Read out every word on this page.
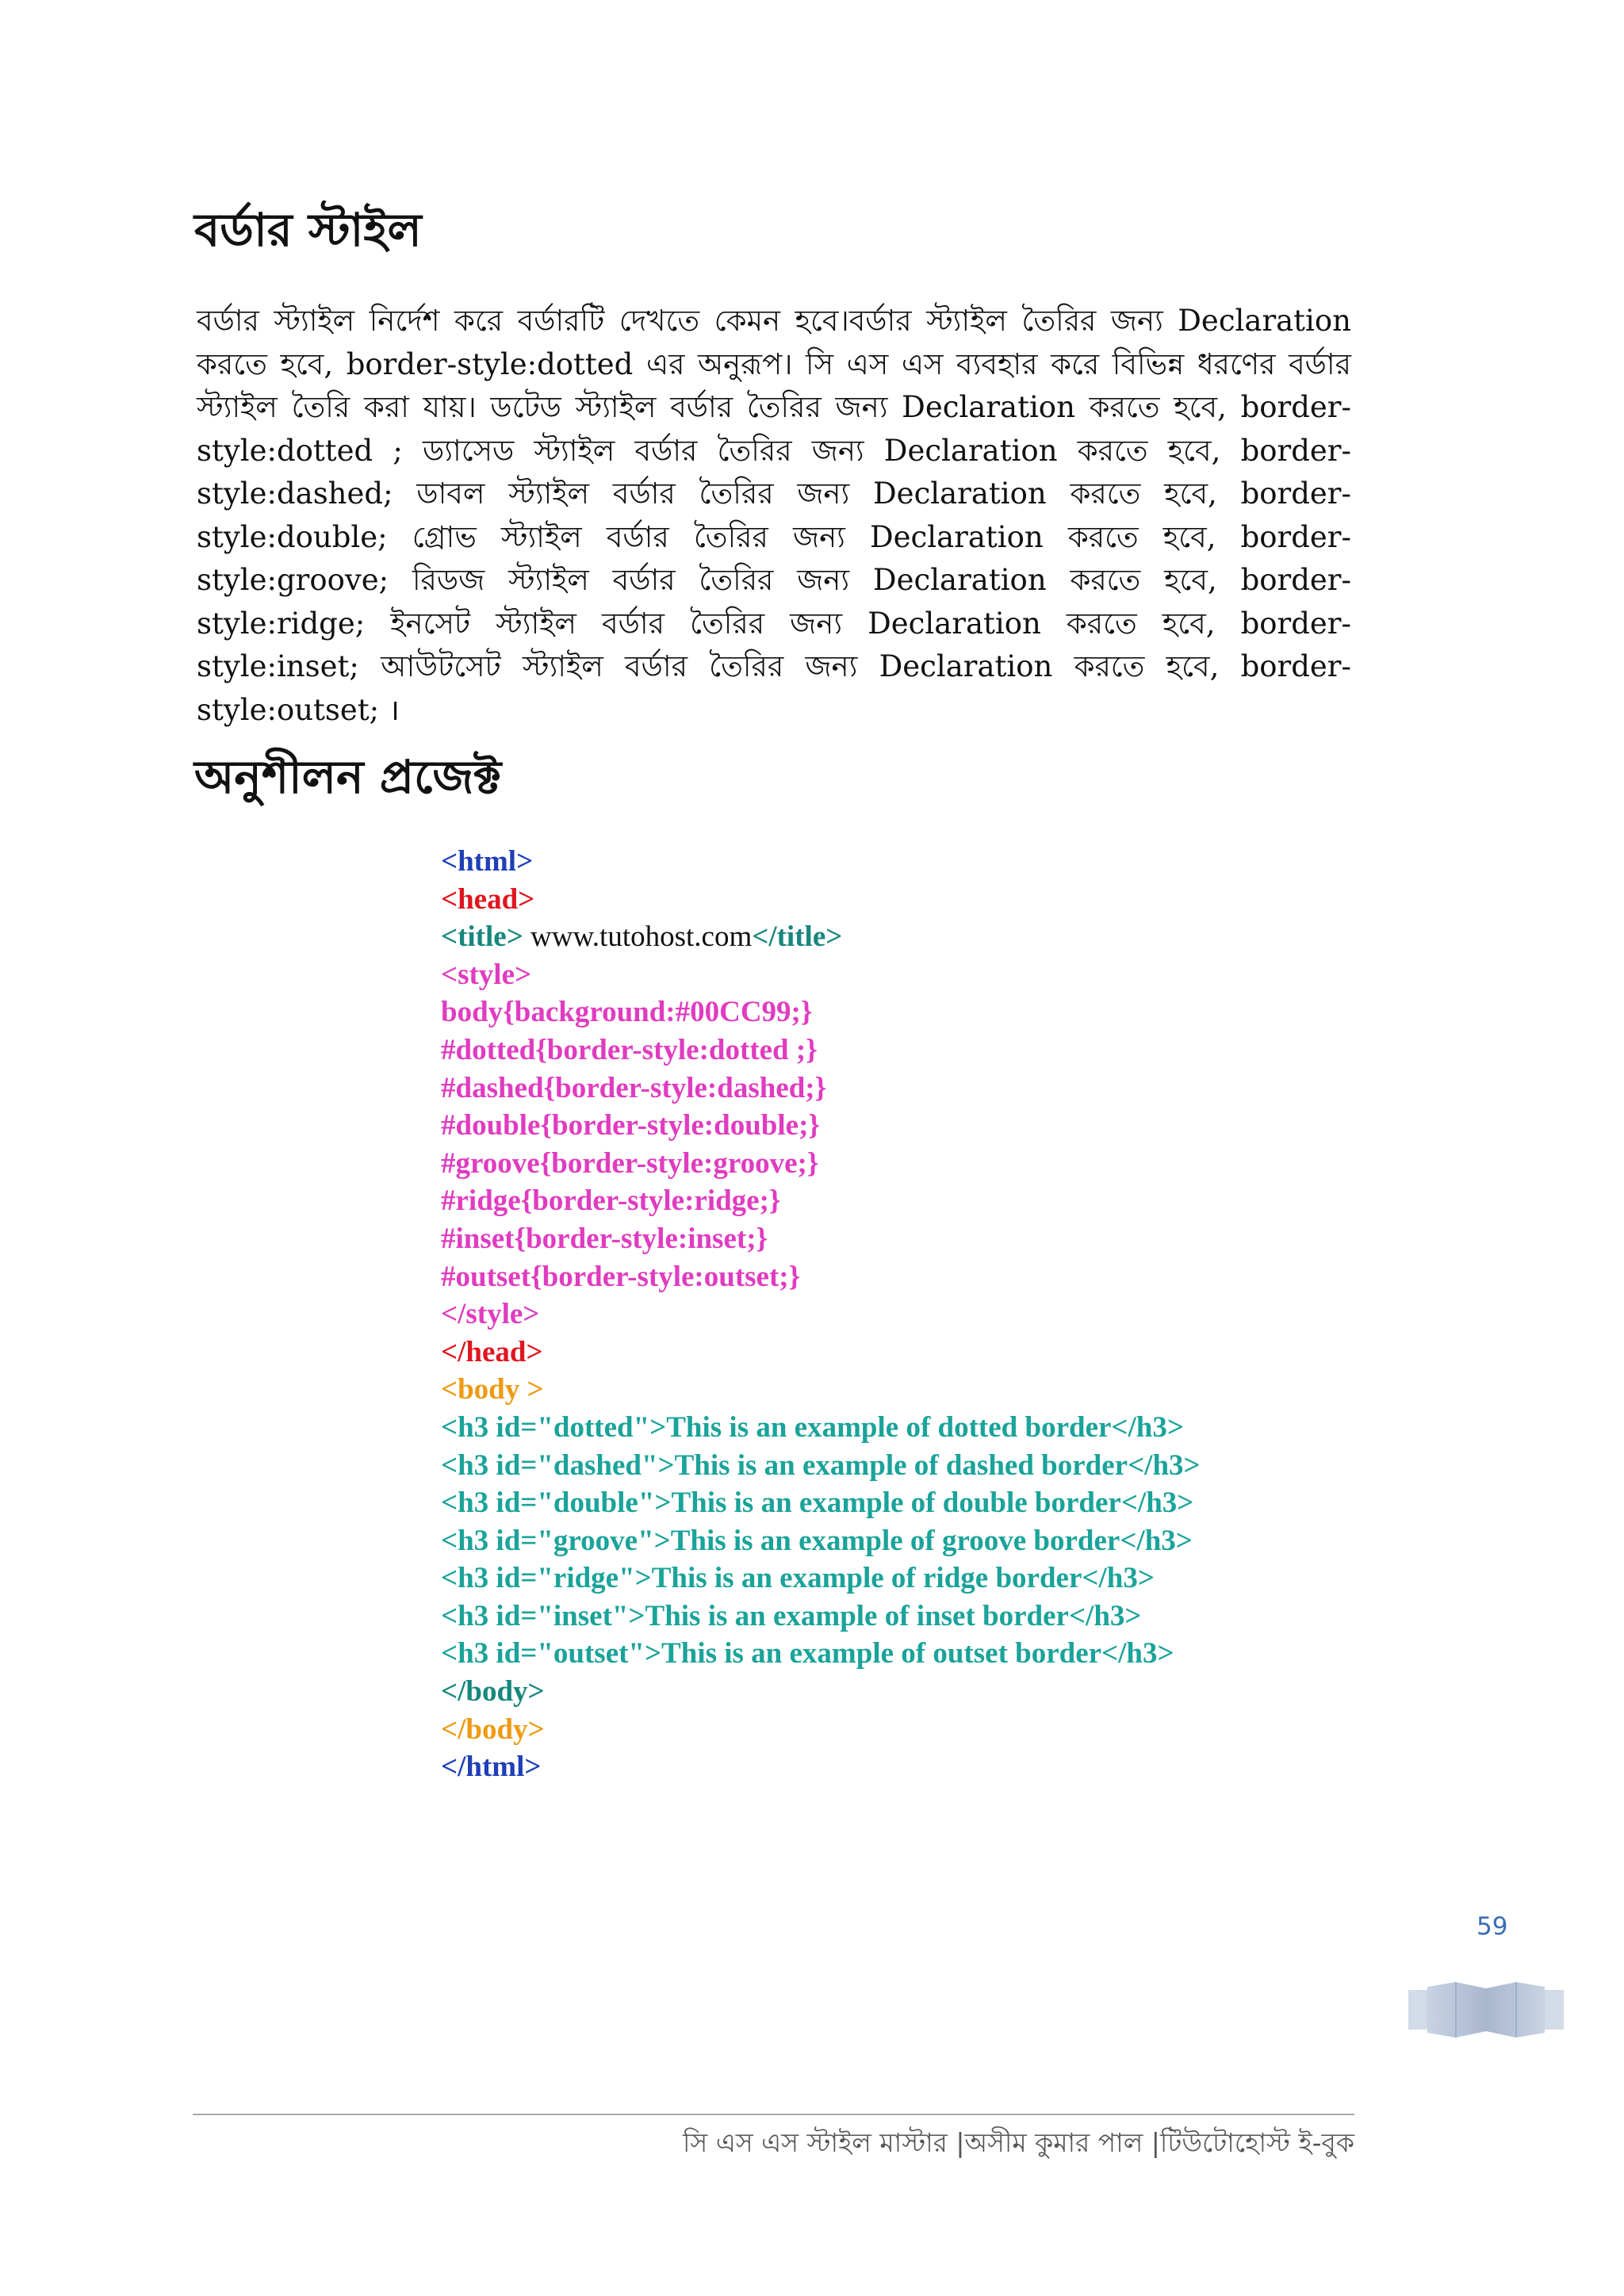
বর্ডার স্টাইল

বর্ডার স্ট্যাইল নির্দেশ করে বর্ডারটি দেখতে কেমন হবে।বর্ডার স্ট্যাইল তৈরির জন্য Declaration করতে হবে, border-style:dotted এর অনুরূপ। সি এস এস ব্যবহার করে বিভিন্ন ধরণের বর্ডার স্ট্যাইল তৈরি করা যায়। ডটেড স্ট্যাইল বর্ডার তৈরির জন্য Declaration করতে হবে, border-style:dotted ; ড্যাসেড স্ট্যাইল বর্ডার তৈরির জন্য Declaration করতে হবে, border-style:dashed; ডাবল স্ট্যাইল বর্ডার তৈরির জন্য Declaration করতে হবে, border-style:double; গ্রোভ স্ট্যাইল বর্ডার তৈরির জন্য Declaration করতে হবে, border-style:groove; রিডজ স্ট্যাইল বর্ডার তৈরির জন্য Declaration করতে হবে, border-style:ridge; ইনসেট স্ট্যাইল বর্ডার তৈরির জন্য Declaration করতে হবে, border-style:inset; আউটসেট স্ট্যাইল বর্ডার তৈরির জন্য Declaration করতে হবে, border-style:outset; ।

অনুশীলন প্রজেক্ট
<html>
<head>
<title> www.tutohost.com</title>
<style>
body{background:#00CC99;}
#dotted{border-style:dotted ;}
#dashed{border-style:dashed;}
#double{border-style:double;}
#groove{border-style:groove;}
#ridge{border-style:ridge;}
#inset{border-style:inset;}
#outset{border-style:outset;}
</style>
</head>
<body >
<h3 id="dotted">This is an example of dotted border</h3>
<h3 id="dashed">This is an example of dashed border</h3>
<h3 id="double">This is an example of double border</h3>
<h3 id="groove">This is an example of groove border</h3>
<h3 id="ridge">This is an example of ridge border</h3>
<h3 id="inset">This is an example of inset border</h3>
<h3 id="outset">This is an example of outset border</h3>
</body>
</body>
</html>
59
সি এস এস স্টাইল মাস্টার |অসীম কুমার পাল |টিউটোহোস্ট ই-বুক
